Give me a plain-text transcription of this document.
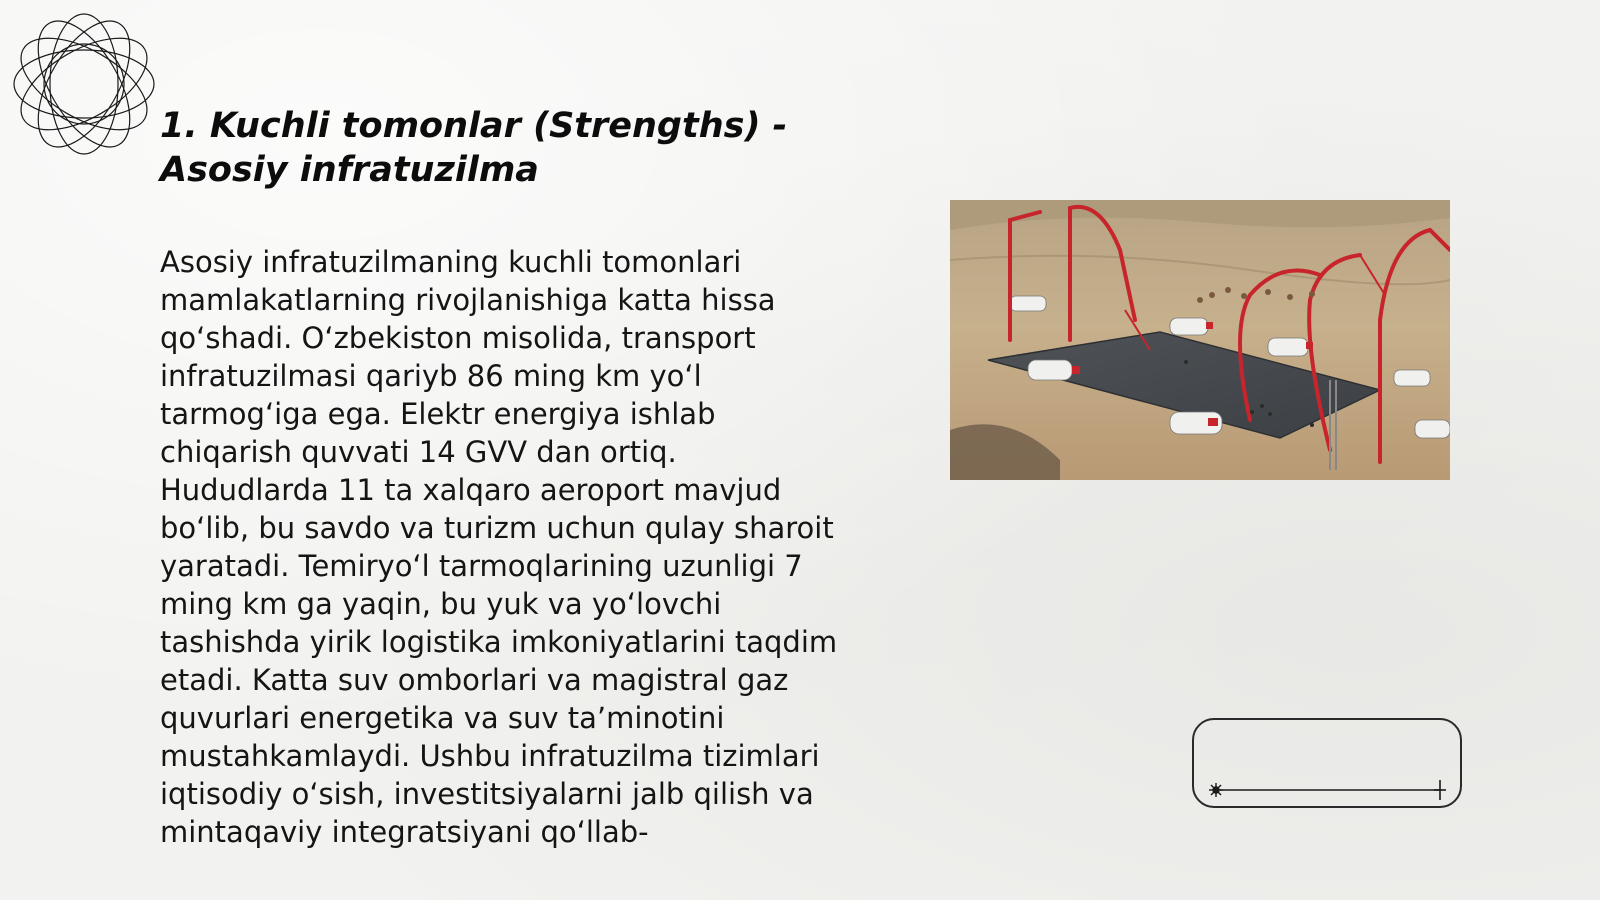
1. Kuchli tomonlar (Strengths) - Asosiy infratuzilma

Asosiy infratuzilmaning kuchli tomonlari mamlakatlarning rivojlanishiga katta hissa qo‘shadi. O‘zbekiston misolida, transport infratuzilmasi qariyb 86 ming km yo‘l tarmog‘iga ega. Elektr energiya ishlab chiqarish quvvati 14 GVV dan ortiq. Hududlarda 11 ta xalqaro aeroport mavjud bo‘lib, bu savdo va turizm uchun qulay sharoit yaratadi. Temiryo‘l tarmoqlarining uzunligi 7 ming km ga yaqin, bu yuk va yo‘lovchi tashishda yirik logistika imkoniyatlarini taqdim etadi. Katta suv omborlari va magistral gaz quvurlari energetika va suv ta’minotini mustahkamlaydi. Ushbu infratuzilma tizimlari iqtisodiy o‘sish, investitsiyalarni jalb qilish va mintaqaviy integratsiyani qo‘llab-
